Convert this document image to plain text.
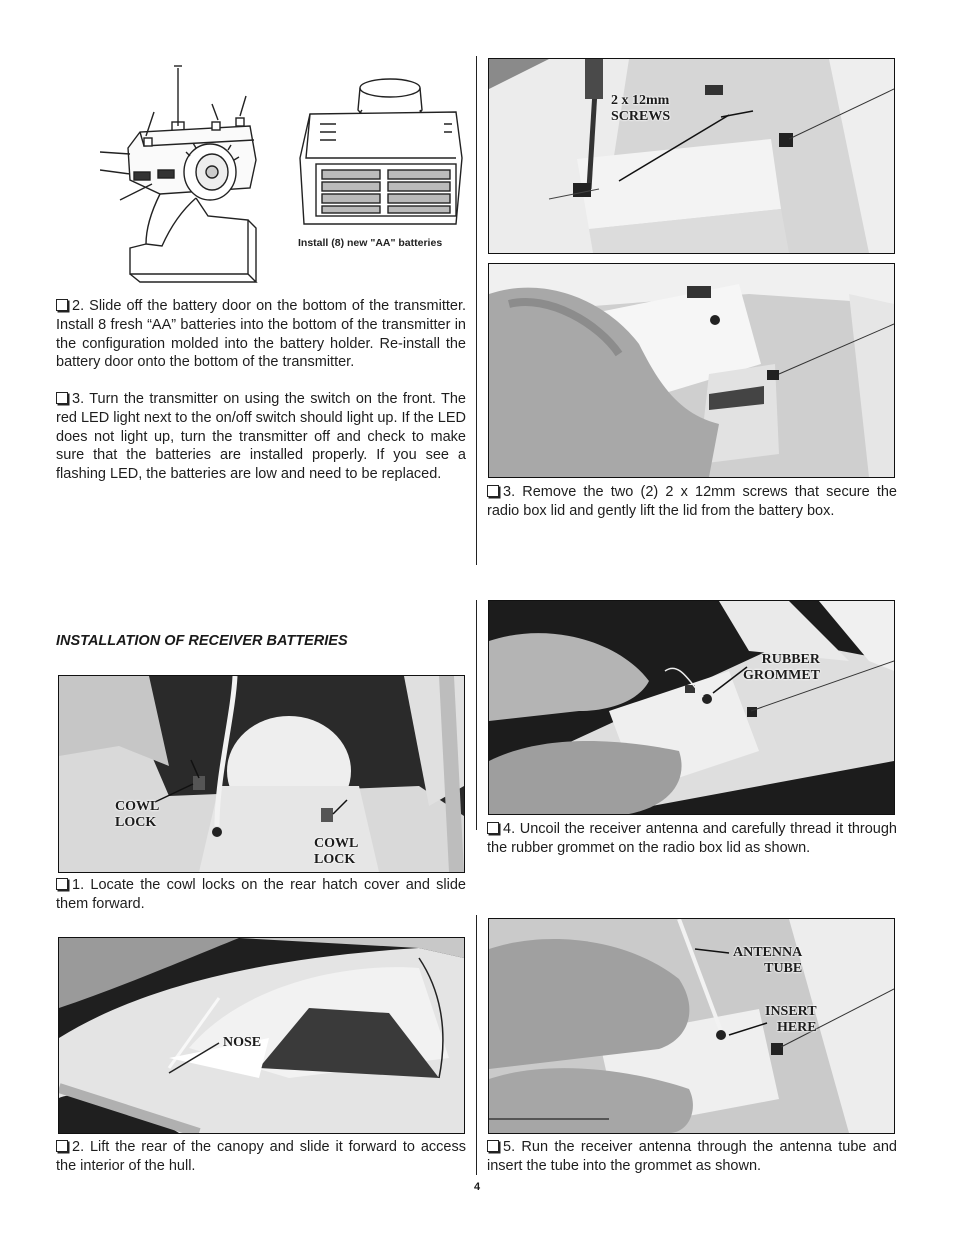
Install (8) new "AA" batteries
2. Slide off the battery door on the bottom of the transmitter. Install 8 fresh “AA” batteries into the bottom of the transmitter in the configuration molded into the battery holder. Re-install the battery door onto the bottom of the transmitter.
3. Turn the transmitter on using the switch on the front. The red LED light next to the on/off switch should light up. If the LED does not light up, turn the transmitter off and check to make sure that the batteries are installed properly. If you see a flashing LED, the batteries are low and need to be replaced.
INSTALLATION OF RECEIVER BATTERIES
COWL
LOCK
COWL
LOCK
1. Locate the cowl locks on the rear hatch cover and slide them forward.
NOSE
2. Lift the rear of the canopy and slide it forward to access the interior of the hull.
2 x 12mm
SCREWS
3. Remove the two (2) 2 x 12mm screws that secure the radio box lid and gently lift the lid from the battery box.
RUBBER
GROMMET
4. Uncoil the receiver antenna and carefully thread it through the rubber grommet on the radio box lid as shown.
ANTENNA
TUBE
INSERT
HERE
5. Run the receiver antenna through the antenna tube and insert the tube into the grommet as shown.
4
